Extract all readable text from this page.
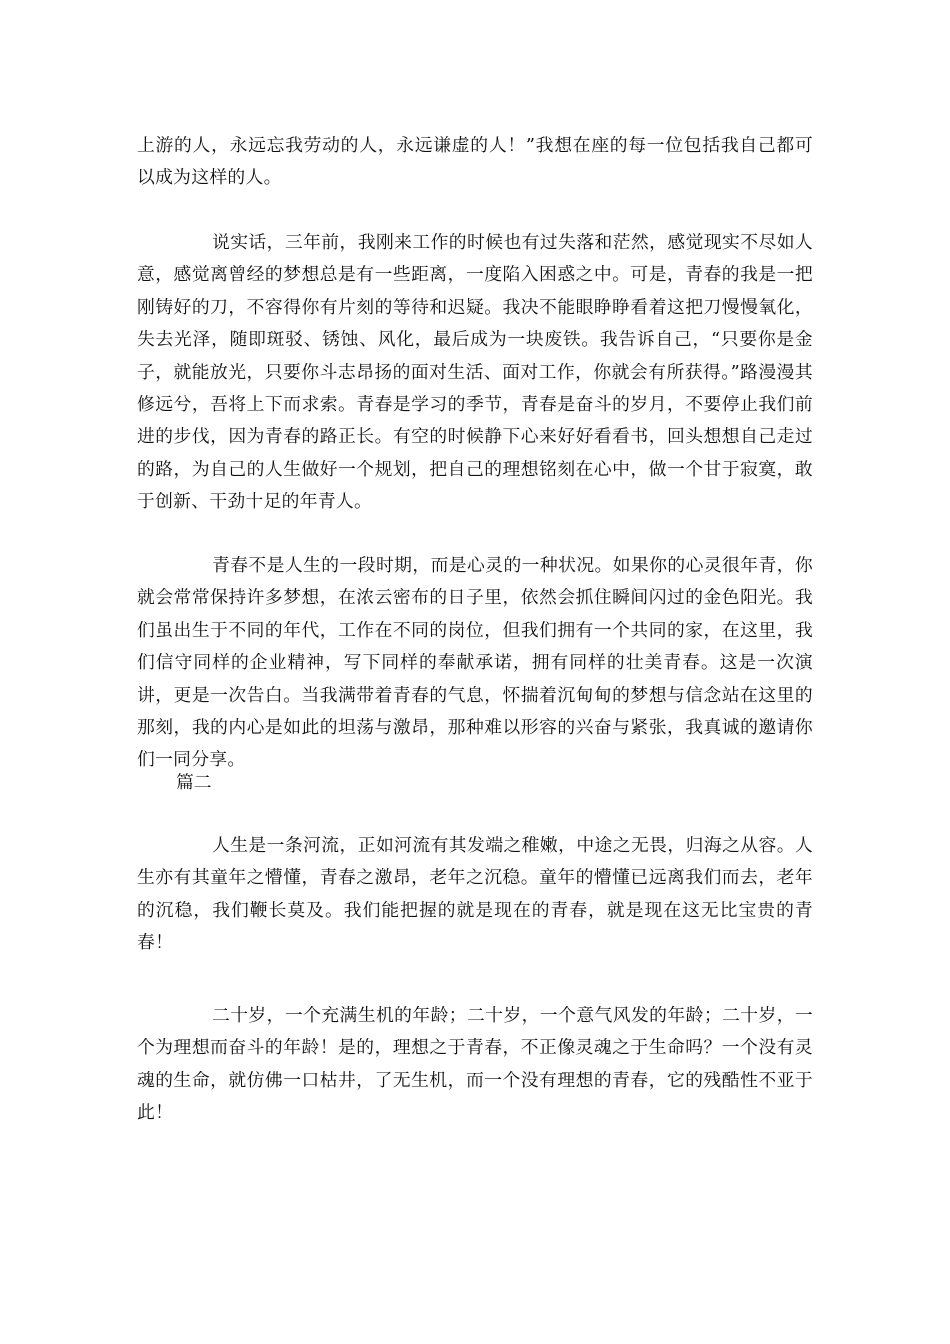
上游的人，永远忘我劳动的人，永远谦虚的人！”我想在座的每一位包括我自己都可以成为这样的人。

说实话，三年前，我刚来工作的时候也有过失落和茫然，感觉现实不尽如人意，感觉离曾经的梦想总是有一些距离，一度陷入困惑之中。可是，青春的我是一把刚铸好的刀，不容得你有片刻的等待和迟疑。我决不能眼睁睁看着这把刀慢慢氧化，失去光泽，随即斑驳、锈蚀、风化，最后成为一块废铁。我告诉自己，“只要你是金子，就能放光，只要你斗志昂扬的面对生活、面对工作，你就会有所获得。”路漫漫其修远兮，吾将上下而求索。青春是学习的季节，青春是奋斗的岁月，不要停止我们前进的步伐，因为青春的路正长。有空的时候静下心来好好看看书，回头想想自己走过的路，为自己的人生做好一个规划，把自己的理想铭刻在心中，做一个甘于寂寞，敢于创新、干劲十足的年青人。

青春不是人生的一段时期，而是心灵的一种状况。如果你的心灵很年青，你就会常常保持许多梦想，在浓云密布的日子里，依然会抓住瞬间闪过的金色阳光。我们虽出生于不同的年代，工作在不同的岗位，但我们拥有一个共同的家，在这里，我们信守同样的企业精神，写下同样的奉献承诺，拥有同样的壮美青春。这是一次演讲，更是一次告白。当我满带着青春的气息，怀揣着沉甸甸的梦想与信念站在这里的那刻，我的内心是如此的坦荡与激昂，那种难以形容的兴奋与紧张，我真诚的邀请你们一同分享。

篇二

人生是一条河流，正如河流有其发端之稚嫩，中途之无畏，归海之从容。人生亦有其童年之懵懂，青春之激昂，老年之沉稳。童年的懵懂已远离我们而去，老年的沉稳，我们鞭长莫及。我们能把握的就是现在的青春，就是现在这无比宝贵的青春！

二十岁，一个充满生机的年龄；二十岁，一个意气风发的年龄；二十岁，一个为理想而奋斗的年龄！是的，理想之于青春，不正像灵魂之于生命吗？一个没有灵魂的生命，就仿佛一口枯井，了无生机，而一个没有理想的青春，它的残酷性不亚于此！
